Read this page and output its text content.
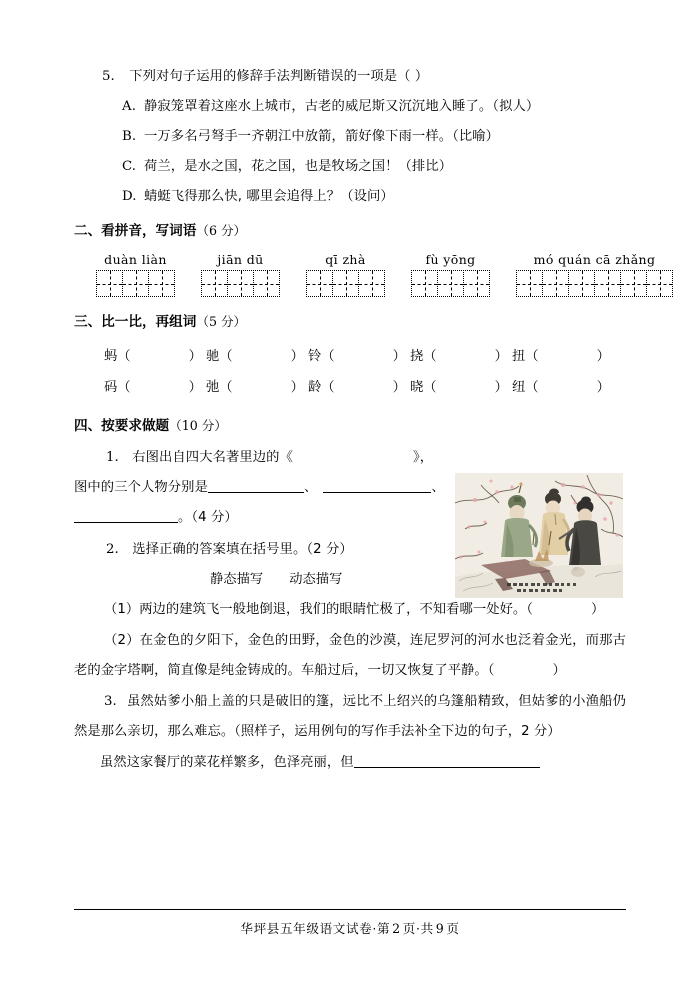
5. 下列对句子运用的修辞手法判断错误的一项是（ ）
A. 静寂笼罩着这座水上城市，古老的威尼斯又沉沉地入睡了。（拟人）
B. 一万多名弓弩手一齐朝江中放箭，箭好像下雨一样。（比喻）
C. 荷兰，是水之国，花之国，也是牧场之国！（排比）
D. 蜻蜓飞得那么快, 哪里会追得上？（设问）
二、看拼音，写词语（6 分）
duàn liàn	jiān dū	qī zhà	fù yōng	mó quán cā zhǎng
三、比一比，再组词（5 分）
蚂（	） 驰（	） 铃（	） 挠（	） 扭（	）
码（	） 弛（	） 龄（	） 晓（	） 纽（	）
四、按要求做题（10 分）
1. 右图出自四大名著里边的《	》，
图中的三个人物分别是	、	、
。（4 分）
2. 选择正确的答案填在括号里。（2 分）
静态描写 动态描写
（1）两边的建筑飞一般地倒退，我们的眼睛忙极了，不知看哪一处好。（	）
（2）在金色的夕阳下，金色的田野，金色的沙漠，连尼罗河的河水也泛着金光，而那古老的金字塔啊，简直像是纯金铸成的。车船过后，一切又恢复了平静。（	）
3. 虽然姑爹小船上盖的只是破旧的篷，远比不上绍兴的乌篷船精致，但姑爹的小渔船仍然是那么亲切，那么难忘。（照样子，运用例句的写作手法补全下边的句子，2 分）
虽然这家餐厅的菜花样繁多，色泽亮丽，但
华坪县五年级语文试卷·第 2 页·共 9 页
